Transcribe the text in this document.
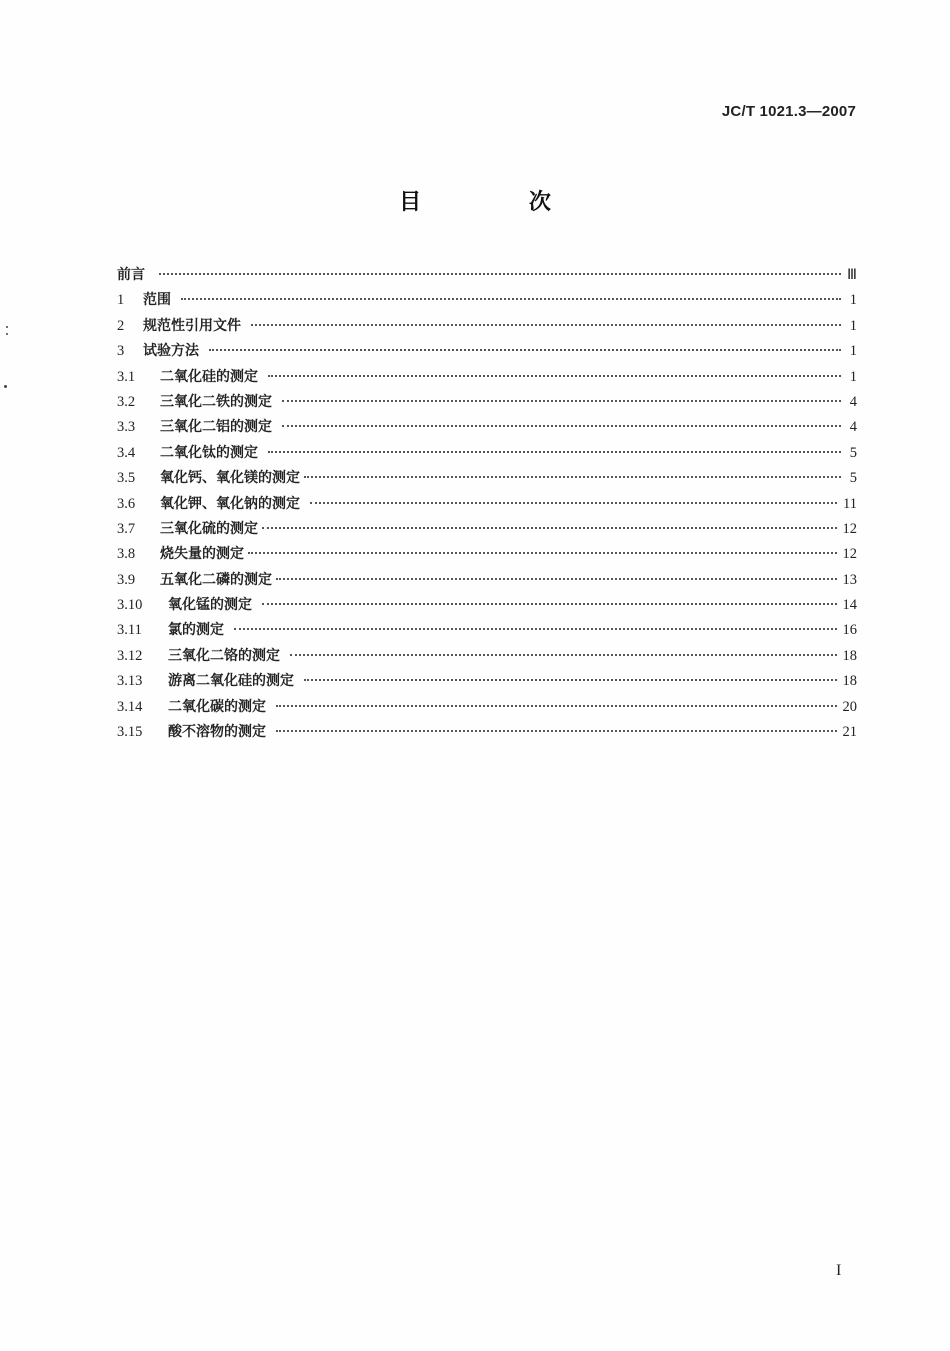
JC/T 1021.3—2007
目 次
前言	Ⅲ
1	范围	1
2	规范性引用文件	1
3	试验方法	1
3.1	二氧化硅的测定	1
3.2	三氧化二铁的测定	4
3.3	三氧化二铝的测定	4
3.4	二氧化钛的测定	5
3.5	氧化钙、氧化镁的测定	5
3.6	氧化钾、氧化钠的测定	11
3.7	三氧化硫的测定	12
3.8	烧失量的测定	12
3.9	五氧化二磷的测定	13
3.10	氧化锰的测定	14
3.11	氯的测定	16
3.12	三氧化二铬的测定	18
3.13	游离二氧化硅的测定	18
3.14	二氧化碳的测定	20
3.15	酸不溶物的测定	21
I
